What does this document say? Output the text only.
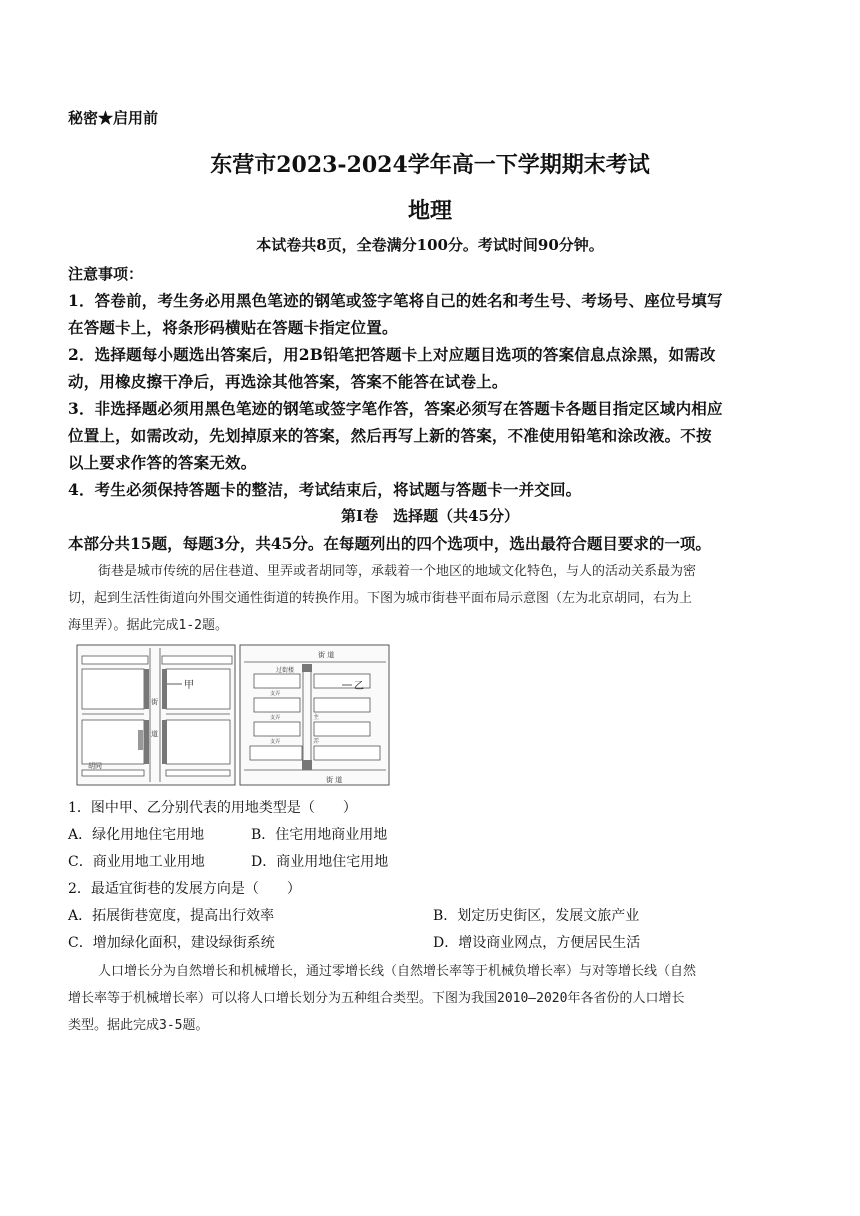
秘密★启用前
东营市2023-2024学年高一下学期期末考试
地理
本试卷共8页，全卷满分100分。考试时间90分钟。
注意事项：
1．答卷前，考生务必用黑色笔迹的钢笔或签字笔将自己的姓名和考生号、考场号、座位号填写
在答题卡上，将条形码横贴在答题卡指定位置。
2．选择题每小题选出答案后，用2B铅笔把答题卡上对应题目选项的答案信息点涂黑，如需改
动，用橡皮擦干净后，再选涂其他答案，答案不能答在试卷上。
3．非选择题必须用黑色笔迹的钢笔或签字笔作答，答案必须写在答题卡各题目指定区域内相应
位置上，如需改动，先划掉原来的答案，然后再写上新的答案，不准使用铅笔和涂改液。不按
以上要求作答的答案无效。
4．考生必须保持答题卡的整洁，考试结束后，将试题与答题卡一并交回。
第Ⅰ卷　选择题（共45分）
本部分共15题，每题3分，共45分。在每题列出的四个选项中，选出最符合题目要求的一项。
街巷是城市传统的居住巷道、里弄或者胡同等，承载着一个地区的地域文化特色，与人的活动关系最为密
切，起到生活性街道向外围交通性街道的转换作用。下图为城市街巷平面布局示意图（左为北京胡同，右为上
海里弄）。据此完成1-2题。
甲
街
道
胡同
街 道
街 道
过街楼
支弄
支弄
支弄
主
弄
乙
1．图中甲、乙分别代表的用地类型是（　　）
A．绿化用地住宅用地	B．住宅用地商业用地
C．商业用地工业用地	D．商业用地住宅用地
2．最适宜街巷的发展方向是（　　）
A．拓展街巷宽度，提高出行效率	B．划定历史街区，发展文旅产业
C．增加绿化面积，建设绿街系统	D．增设商业网点，方便居民生活
人口增长分为自然增长和机械增长，通过零增长线（自然增长率等于机械负增长率）与对等增长线（自然
增长率等于机械增长率）可以将人口增长划分为五种组合类型。下图为我国2010—2020年各省份的人口增长
类型。据此完成3-5题。
